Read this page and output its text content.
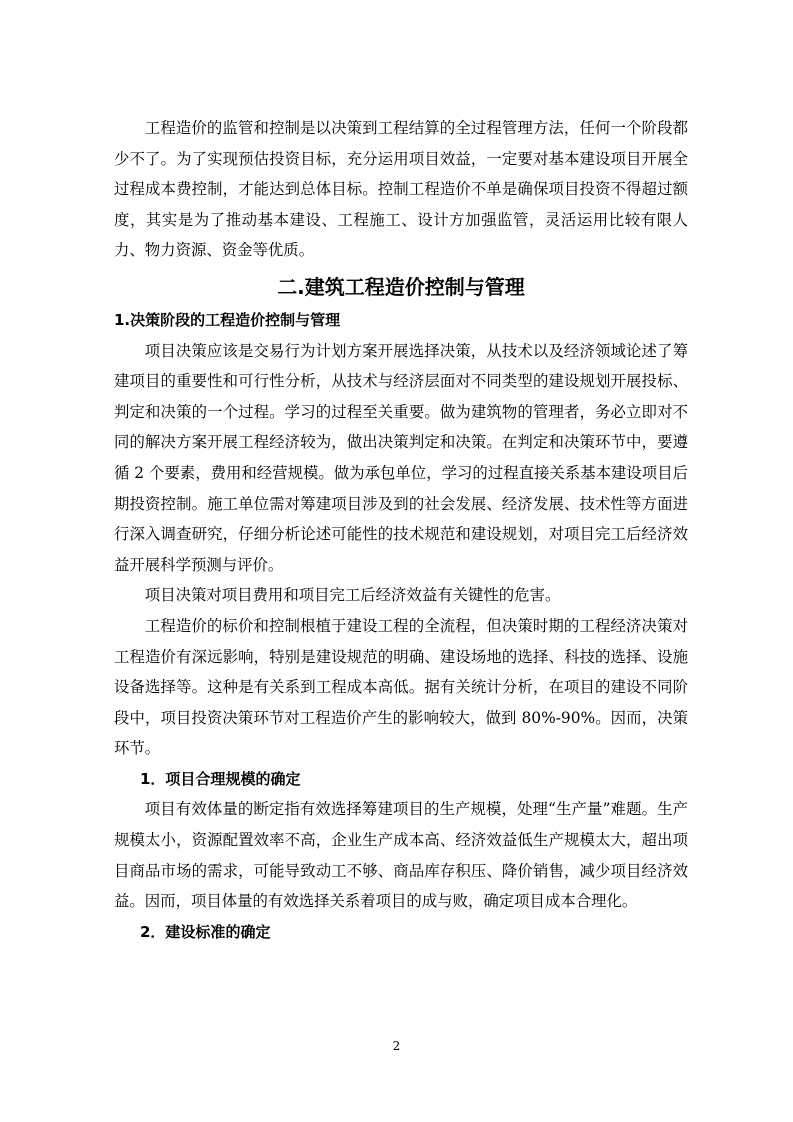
工程造价的监管和控制是以决策到工程结算的全过程管理方法，任何一个阶段都少不了。为了实现预估投资目标，充分运用项目效益，一定要对基本建设项目开展全过程成本费控制，才能达到总体目标。控制工程造价不单是确保项目投资不得超过额度，其实是为了推动基本建设、工程施工、设计方加强监管，灵活运用比较有限人力、物力资源、资金等优质。

二.建筑工程造价控制与管理
1.决策阶段的工程造价控制与管理

项目决策应该是交易行为计划方案开展选择决策，从技术以及经济领域论述了筹建项目的重要性和可行性分析，从技术与经济层面对不同类型的建设规划开展投标、判定和决策的一个过程。学习的过程至关重要。做为建筑物的管理者，务必立即对不同的解决方案开展工程经济较为，做出决策判定和决策。在判定和决策环节中，要遵循 2 个要素，费用和经营规模。做为承包单位，学习的过程直接关系基本建设项目后期投资控制。施工单位需对筹建项目涉及到的社会发展、经济发展、技术性等方面进行深入调查研究，仔细分析论述可能性的技术规范和建设规划，对项目完工后经济效益开展科学预测与评价。

项目决策对项目费用和项目完工后经济效益有关键性的危害。

工程造价的标价和控制根植于建设工程的全流程，但决策时期的工程经济决策对工程造价有深远影响，特别是建设规范的明确、建设场地的选择、科技的选择、设施设备选择等。这种是有关系到工程成本高低。据有关统计分析，在项目的建设不同阶段中，项目投资决策环节对工程造价产生的影响较大，做到 80%-90%。因而，决策环节。

1．项目合理规模的确定

项目有效体量的断定指有效选择筹建项目的生产规模，处理“生产量”难题。生产规模太小，资源配置效率不高，企业生产成本高、经济效益低生产规模太大，超出项目商品市场的需求，可能导致动工不够、商品库存积压、降价销售，减少项目经济效益。因而，项目体量的有效选择关系着项目的成与败，确定项目成本合理化。

2．建设标准的确定
2
